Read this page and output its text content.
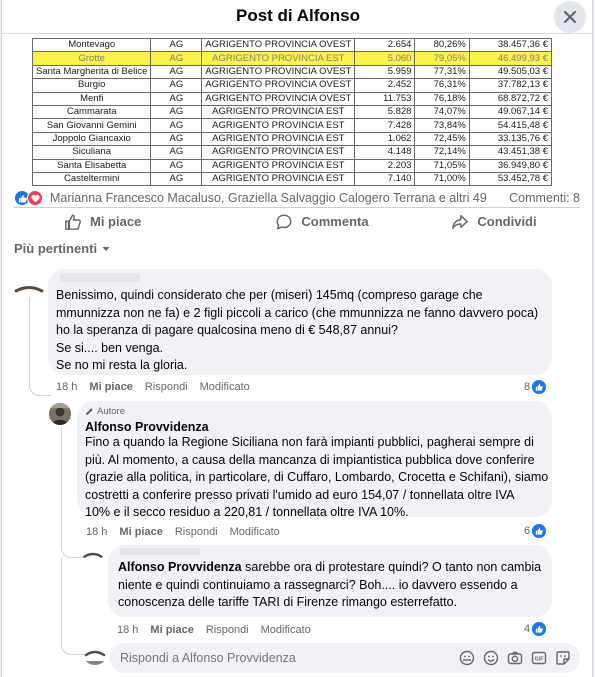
Post di Alfonso
Montevago	AG	AGRIGENTO PROVINCIA OVEST	2.654	80,26%	38.457,36 €
Grotte	AG	AGRIGENTO PROVINCIA EST	5.060	79,05%	46.499,93 €
Santa Margherita di Belice	AG	AGRIGENTO PROVINCIA OVEST	5.959	77,31%	49.505,03 €
Burgio	AG	AGRIGENTO PROVINCIA OVEST	2.452	76,31%	37.782,13 €
Menfi	AG	AGRIGENTO PROVINCIA OVEST	11.753	76,18%	68.872,72 €
Cammarata	AG	AGRIGENTO PROVINCIA EST	5.828	74,07%	49.067,14 €
San Giovanni Gemini	AG	AGRIGENTO PROVINCIA EST	7.428	73,84%	54.415,48 €
Joppolo Giancaxio	AG	AGRIGENTO PROVINCIA EST	1.062	72,45%	33.135,76 €
Siculiana	AG	AGRIGENTO PROVINCIA EST	4.148	72,14%	43.451,38 €
Santa Elisabetta	AG	AGRIGENTO PROVINCIA EST	2.203	71,05%	36.949,80 €
Casteltermini	AG	AGRIGENTO PROVINCIA EST	7.140	71,00%	53.452,78 €
Marianna Francesco Macaluso, Graziella Salvaggio Calogero Terrana e altri 49 Commenti: 8
Mi piace	Commenta	Condividi
Più pertinenti
Benissimo, quindi considerato che per (miseri) 145mq (compreso garage che
mmunnizza non ne fa) e 2 figli piccoli a carico (che mmunnizza ne fanno davvero poca)
ho la speranza di pagare qualcosina meno di € 548,87 annui?
Se si.... ben venga.
Se no mi resta la gloria.
18 h Mi piace Rispondi Modificato	8
Autore
Alfonso Provvidenza
Fino a quando la Regione Siciliana non farà impianti pubblici, pagherai sempre di
più. Al momento, a causa della mancanza di impiantistica pubblica dove conferire
(grazie alla politica, in particolare, di Cuffaro, Lombardo, Crocetta e Schifani), siamo
costretti a conferire presso privati l'umido ad euro 154,07 / tonnellata oltre IVA
10% e il secco residuo a 220,81 / tonnellata oltre IVA 10%.
18 h Mi piace Rispondi Modificato	6
Alfonso Provvidenza sarebbe ora di protestare quindi? O tanto non cambia
niente e quindi continuiamo a rassegnarci? Boh.... io davvero essendo a
conoscenza delle tariffe TARI di Firenze rimango esterrefatto.
18 h Mi piace Rispondi Modificato	4
Rispondi a Alfonso Provvidenza
GIF
